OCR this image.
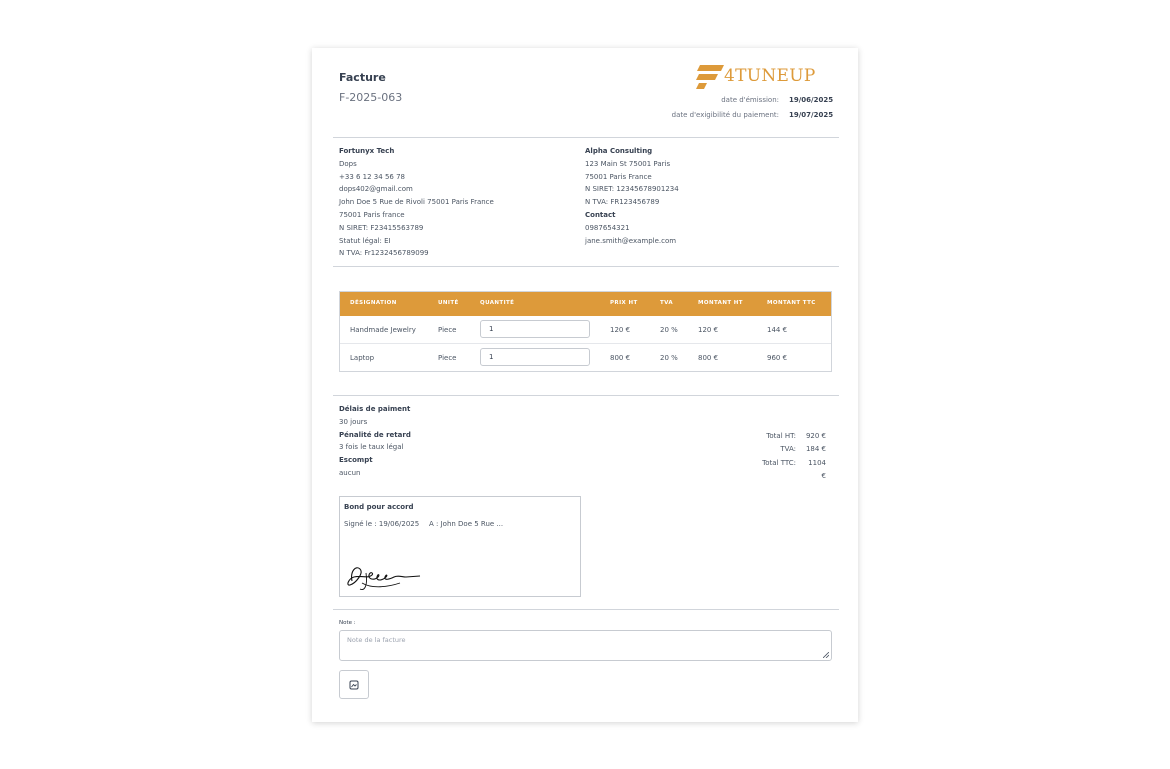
Facture
F-2025-063
4TUNEUP
date d'émission: 19/06/2025
date d'exigibilité du paiement: 19/07/2025
Fortunyx Tech
Dops
+33 6 12 34 56 78
dops402@gmail.com
John Doe 5 Rue de Rivoli 75001 Paris France
75001 Paris france
N SIRET: F23415563789
Statut légal: EI
N TVA: Fr1232456789099
Alpha Consulting
123 Main St 75001 Paris
75001 Paris France
N SIRET: 12345678901234
N TVA: FR123456789
Contact
0987654321
jane.smith@example.com
DÉSIGNATION	UNITÉ	QUANTITÉ	PRIX HT	TVA	MONTANT HT	MONTANT TTC
Handmade Jewelry	Piece	1	120 €	20 %	120 €	144 €
Laptop	Piece	1	800 €	20 %	800 €	960 €
Délais de paiment
30 jours
Pénalité de retard
3 fois le taux légal
Escompt
aucun
Total HT: 920 €
TVA: 184 €
Total TTC:	1104 €
Bond pour accord
Signé le : 19/06/2025 A : John Doe 5 Rue ...
Note :
Note de la facture
